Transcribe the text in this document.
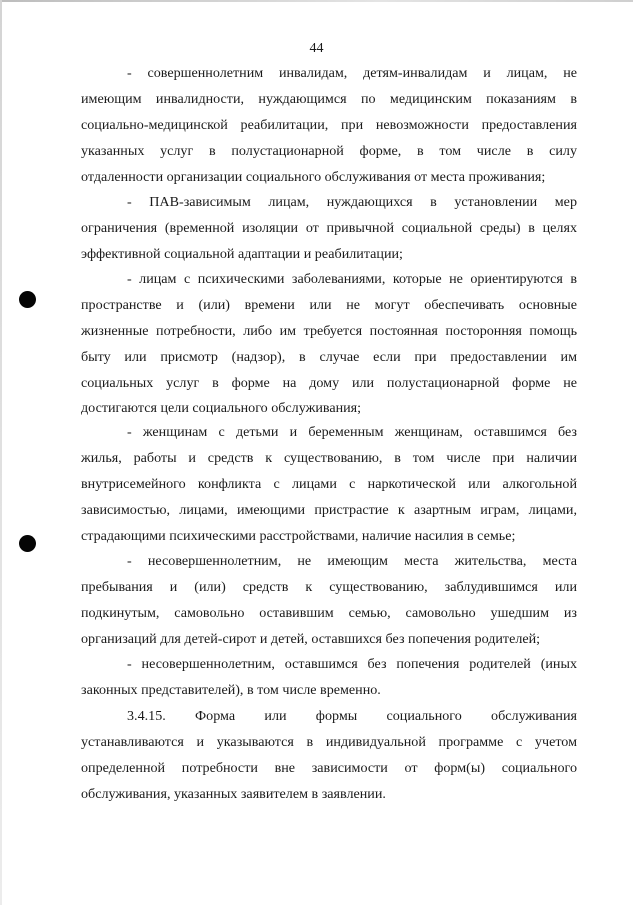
44
- совершеннолетним инвалидам, детям-инвалидам и лицам, не
имеющим инвалидности, нуждающимся по медицинским показаниям в
социально-медицинской реабилитации, при невозможности предоставления
указанных услуг в полустационарной форме, в том числе в силу
отдаленности организации социального обслуживания от места проживания;
- ПАВ-зависимым лицам, нуждающихся в установлении мер
ограничения (временной изоляции от привычной социальной среды) в целях
эффективной социальной адаптации и реабилитации;
- лицам с психическими заболеваниями, которые не ориентируются в
пространстве и (или) времени или не могут обеспечивать основные
жизненные потребности, либо им требуется постоянная посторонняя помощь
быту или присмотр (надзор), в случае если при предоставлении им
социальных услуг в форме на дому или полустационарной форме не
достигаются цели социального обслуживания;
- женщинам с детьми и беременным женщинам, оставшимся без
жилья, работы и средств к существованию, в том числе при наличии
внутрисемейного конфликта с лицами с наркотической или алкогольной
зависимостью, лицами, имеющими пристрастие к азартным играм, лицами,
страдающими психическими расстройствами, наличие насилия в семье;
- несовершеннолетним, не имеющим места жительства, места
пребывания и (или) средств к существованию, заблудившимся или
подкинутым, самовольно оставившим семью, самовольно ушедшим из
организаций для детей-сирот и детей, оставшихся без попечения родителей;
- несовершеннолетним, оставшимся без попечения родителей (иных
законных представителей), в том числе временно.
3.4.15. Форма или формы социального обслуживания
устанавливаются и указываются в индивидуальной программе с учетом
определенной потребности вне зависимости от форм(ы) социального
обслуживания, указанных заявителем в заявлении.
